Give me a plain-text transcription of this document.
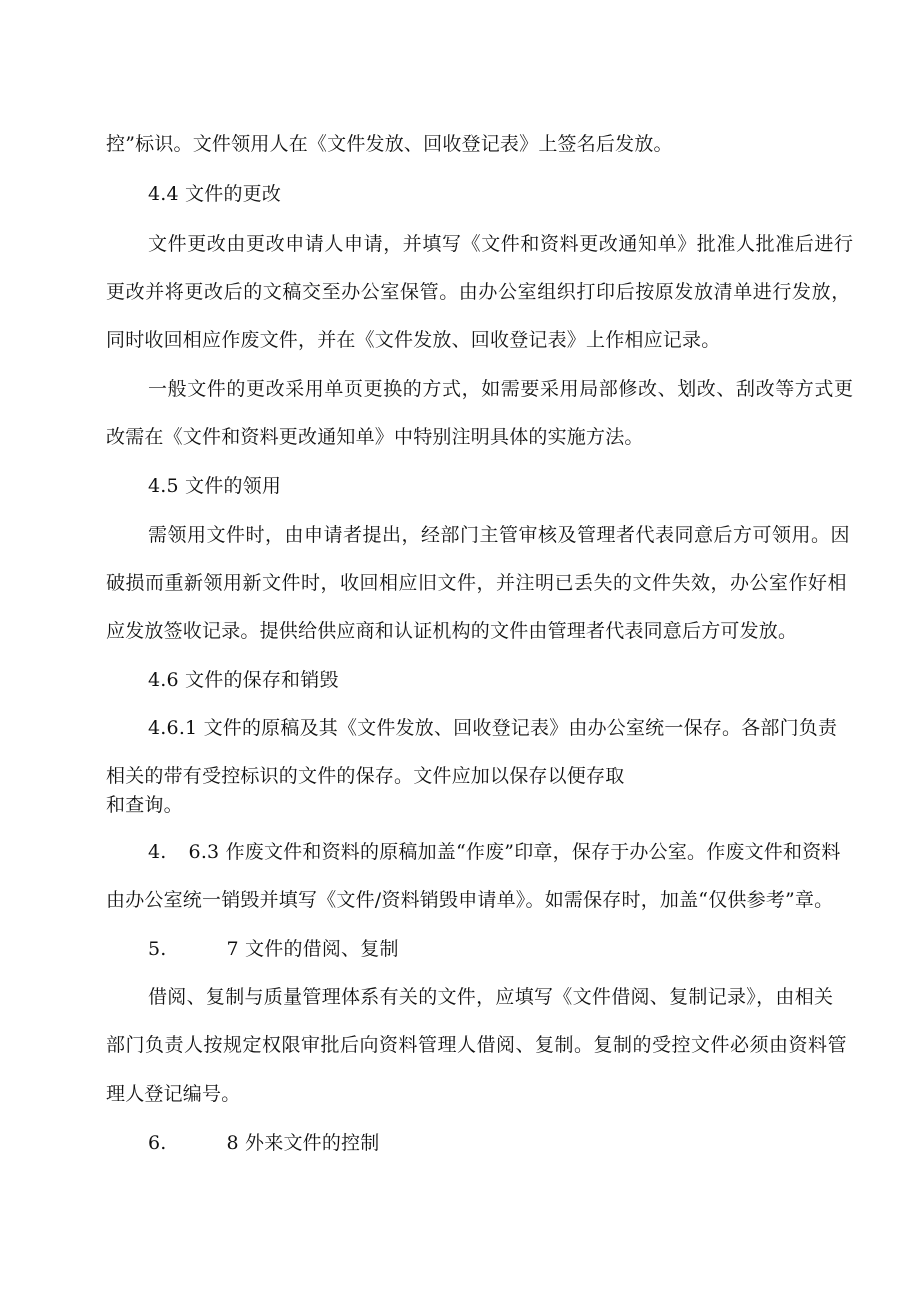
控”标识。文件领用人在《文件发放、回收登记表》上签名后发放。
4.4 文件的更改
文件更改由更改申请人申请，并填写《文件和资料更改通知单》批准人批准后进行
更改并将更改后的文稿交至办公室保管。由办公室组织打印后按原发放清单进行发放，
同时收回相应作废文件，并在《文件发放、回收登记表》上作相应记录。
一般文件的更改采用单页更换的方式，如需要采用局部修改、划改、刮改等方式更
改需在《文件和资料更改通知单》中特别注明具体的实施方法。
4.5 文件的领用
需领用文件时，由申请者提出，经部门主管审核及管理者代表同意后方可领用。因
破损而重新领用新文件时，收回相应旧文件，并注明已丢失的文件失效，办公室作好相
应发放签收记录。提供给供应商和认证机构的文件由管理者代表同意后方可发放。
4.6 文件的保存和销毁
4.6.1 文件的原稿及其《文件发放、回收登记表》由办公室统一保存。各部门负责
相关的带有受控标识的文件的保存。文件应加以保存以便存取
和查询。
4. 6.3 作废文件和资料的原稿加盖“作废”印章，保存于办公室。作废文件和资料
由办公室统一销毁并填写《文件/资料销毁申请单》。如需保存时，加盖“仅供参考”章。
5.	7 文件的借阅、复制
借阅、复制与质量管理体系有关的文件，应填写《文件借阅、复制记录》，由相关
部门负责人按规定权限审批后向资料管理人借阅、复制。复制的受控文件必须由资料管
理人登记编号。
6.	8 外来文件的控制
